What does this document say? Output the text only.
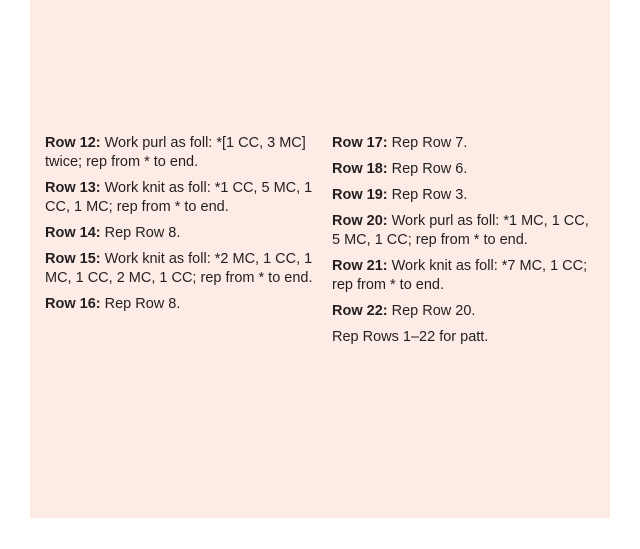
Row 12: Work purl as foll: *[1 CC, 3 MC] twice; rep from * to end.

Row 13: Work knit as foll: *1 CC, 5 MC, 1 CC, 1 MC; rep from * to end.

Row 14: Rep Row 8.

Row 15: Work knit as foll: *2 MC, 1 CC, 1 MC, 1 CC, 2 MC, 1 CC; rep from * to end.

Row 16: Rep Row 8.

Row 17: Rep Row 7.

Row 18: Rep Row 6.

Row 19: Rep Row 3.

Row 20: Work purl as foll: *1 MC, 1 CC, 5 MC, 1 CC; rep from * to end.

Row 21: Work knit as foll: *7 MC, 1 CC; rep from * to end.

Row 22: Rep Row 20.

Rep Rows 1–22 for patt.
